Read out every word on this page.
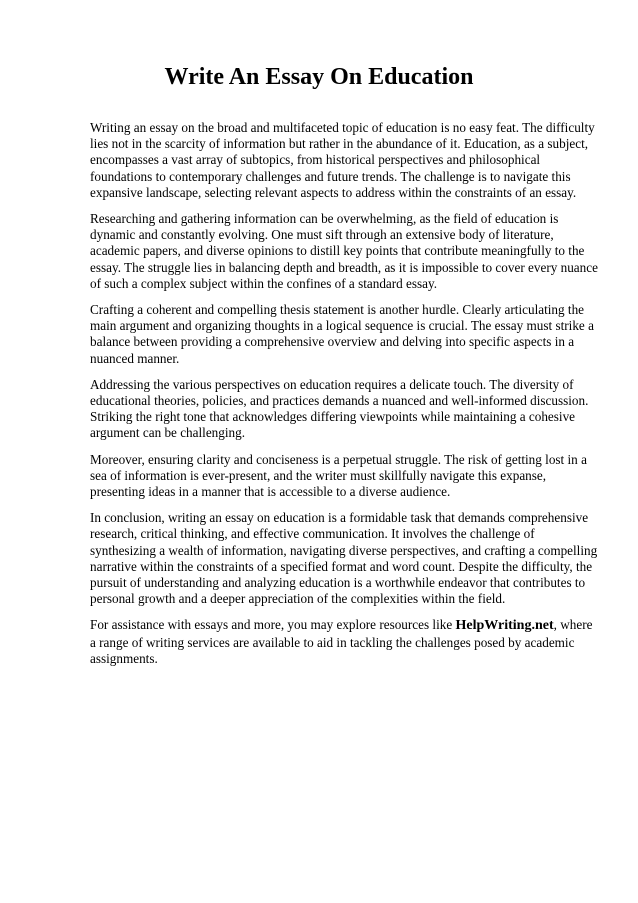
Write An Essay On Education

Writing an essay on the broad and multifaceted topic of education is no easy feat. The difficulty lies not in the scarcity of information but rather in the abundance of it. Education, as a subject, encompasses a vast array of subtopics, from historical perspectives and philosophical foundations to contemporary challenges and future trends. The challenge is to navigate this expansive landscape, selecting relevant aspects to address within the constraints of an essay.

Researching and gathering information can be overwhelming, as the field of education is dynamic and constantly evolving. One must sift through an extensive body of literature, academic papers, and diverse opinions to distill key points that contribute meaningfully to the essay. The struggle lies in balancing depth and breadth, as it is impossible to cover every nuance of such a complex subject within the confines of a standard essay.

Crafting a coherent and compelling thesis statement is another hurdle. Clearly articulating the main argument and organizing thoughts in a logical sequence is crucial. The essay must strike a balance between providing a comprehensive overview and delving into specific aspects in a nuanced manner.

Addressing the various perspectives on education requires a delicate touch. The diversity of educational theories, policies, and practices demands a nuanced and well-informed discussion. Striking the right tone that acknowledges differing viewpoints while maintaining a cohesive argument can be challenging.

Moreover, ensuring clarity and conciseness is a perpetual struggle. The risk of getting lost in a sea of information is ever-present, and the writer must skillfully navigate this expanse, presenting ideas in a manner that is accessible to a diverse audience.

In conclusion, writing an essay on education is a formidable task that demands comprehensive research, critical thinking, and effective communication. It involves the challenge of synthesizing a wealth of information, navigating diverse perspectives, and crafting a compelling narrative within the constraints of a specified format and word count. Despite the difficulty, the pursuit of understanding and analyzing education is a worthwhile endeavor that contributes to personal growth and a deeper appreciation of the complexities within the field.

For assistance with essays and more, you may explore resources like HelpWriting.net, where a range of writing services are available to aid in tackling the challenges posed by academic assignments.
